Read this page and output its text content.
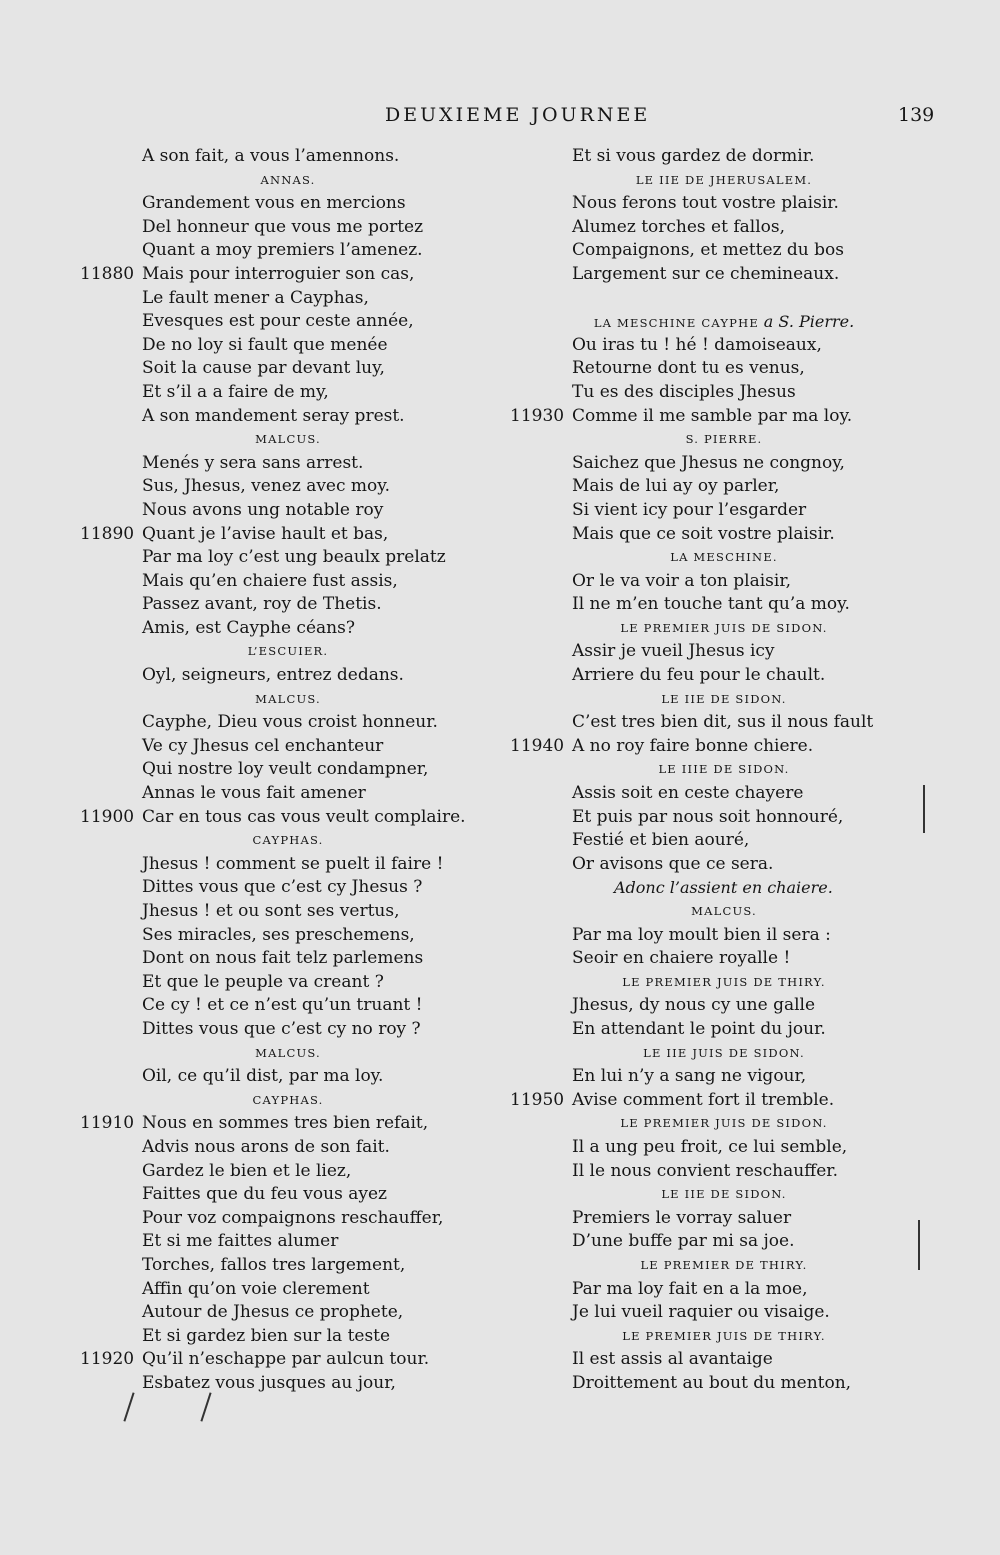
DEUXIEME JOURNEE	139
A son fait, a vous l’amennons.
ANNAS.
Grandement vous en mercions
Del honneur que vous me portez
Quant a moy premiers l’amenez.
11880 Mais pour interroguier son cas,
Le fault mener a Cayphas,
Evesques est pour ceste année,
De no loy si fault que menée
Soit la cause par devant luy,
Et s’il a a faire de my,
A son mandement seray prest.
MALCUS.
Menés y sera sans arrest.
Sus, Jhesus, venez avec moy.
Nous avons ung notable roy
11890 Quant je l’avise hault et bas,
Par ma loy c’est ung beaulx prelatz
Mais qu’en chaiere fust assis,
Passez avant, roy de Thetis.
Amis, est Cayphe céans?
L’ESCUIER.
Oyl, seigneurs, entrez dedans.
MALCUS.
Cayphe, Dieu vous croist honneur.
Ve cy Jhesus cel enchanteur
Qui nostre loy veult condampner,
Annas le vous fait amener
11900 Car en tous cas vous veult complaire.
CAYPHAS.
Jhesus ! comment se puelt il faire !
Dittes vous que c’est cy Jhesus ?
Jhesus ! et ou sont ses vertus,
Ses miracles, ses preschemens,
Dont on nous fait telz parlemens
Et que le peuple va creant ?
Ce cy ! et ce n’est qu’un truant !
Dittes vous que c’est cy no roy ?
MALCUS.
Oil, ce qu’il dist, par ma loy.
CAYPHAS.
11910 Nous en sommes tres bien refait,
Advis nous arons de son fait.
Gardez le bien et le liez,
Faittes que du feu vous ayez
Pour voz compaignons reschauffer,
Et si me faittes alumer
Torches, fallos tres largement,
Affin qu’on voie clerement
Autour de Jhesus ce prophete,
Et si gardez bien sur la teste
11920 Qu’il n’eschappe par aulcun tour.
Esbatez vous jusques au jour,
Et si vous gardez de dormir.
LE IIE DE JHERUSALEM.
Nous ferons tout vostre plaisir.
Alumez torches et fallos,
Compaignons, et mettez du bos
Largement sur ce chemineaux.
LA MESCHINE CAYPHE a S. Pierre.
Ou iras tu ! hé ! damoiseaux,
Retourne dont tu es venus,
Tu es des disciples Jhesus
11930 Comme il me samble par ma loy.
S. PIERRE.
Saichez que Jhesus ne congnoy,
Mais de lui ay oy parler,
Si vient icy pour l’esgarder
Mais que ce soit vostre plaisir.
LA MESCHINE.
Or le va voir a ton plaisir,
Il ne m’en touche tant qu’a moy.
LE PREMIER JUIS DE SIDON.
Assir je vueil Jhesus icy
Arriere du feu pour le chault.
LE IIE DE SIDON.
C’est tres bien dit, sus il nous fault
11940 A no roy faire bonne chiere.
LE IIIE DE SIDON.
Assis soit en ceste chayere
Et puis par nous soit honnouré,
Festié et bien aouré,
Or avisons que ce sera.
Adonc l’assient en chaiere.
MALCUS.
Par ma loy moult bien il sera :
Seoir en chaiere royalle !
LE PREMIER JUIS DE THIRY.
Jhesus, dy nous cy une galle
En attendant le point du jour.
LE IIE JUIS DE SIDON.
En lui n’y a sang ne vigour,
11950 Avise comment fort il tremble.
LE PREMIER JUIS DE SIDON.
Il a ung peu froit, ce lui semble,
Il le nous convient reschauffer.
LE IIE DE SIDON.
Premiers le vorray saluer
D’une buffe par mi sa joe.
LE PREMIER DE THIRY.
Par ma loy fait en a la moe,
Je lui vueil raquier ou visaige.
LE PREMIER JUIS DE THIRY.
Il est assis al avantaige
Droittement au bout du menton,
